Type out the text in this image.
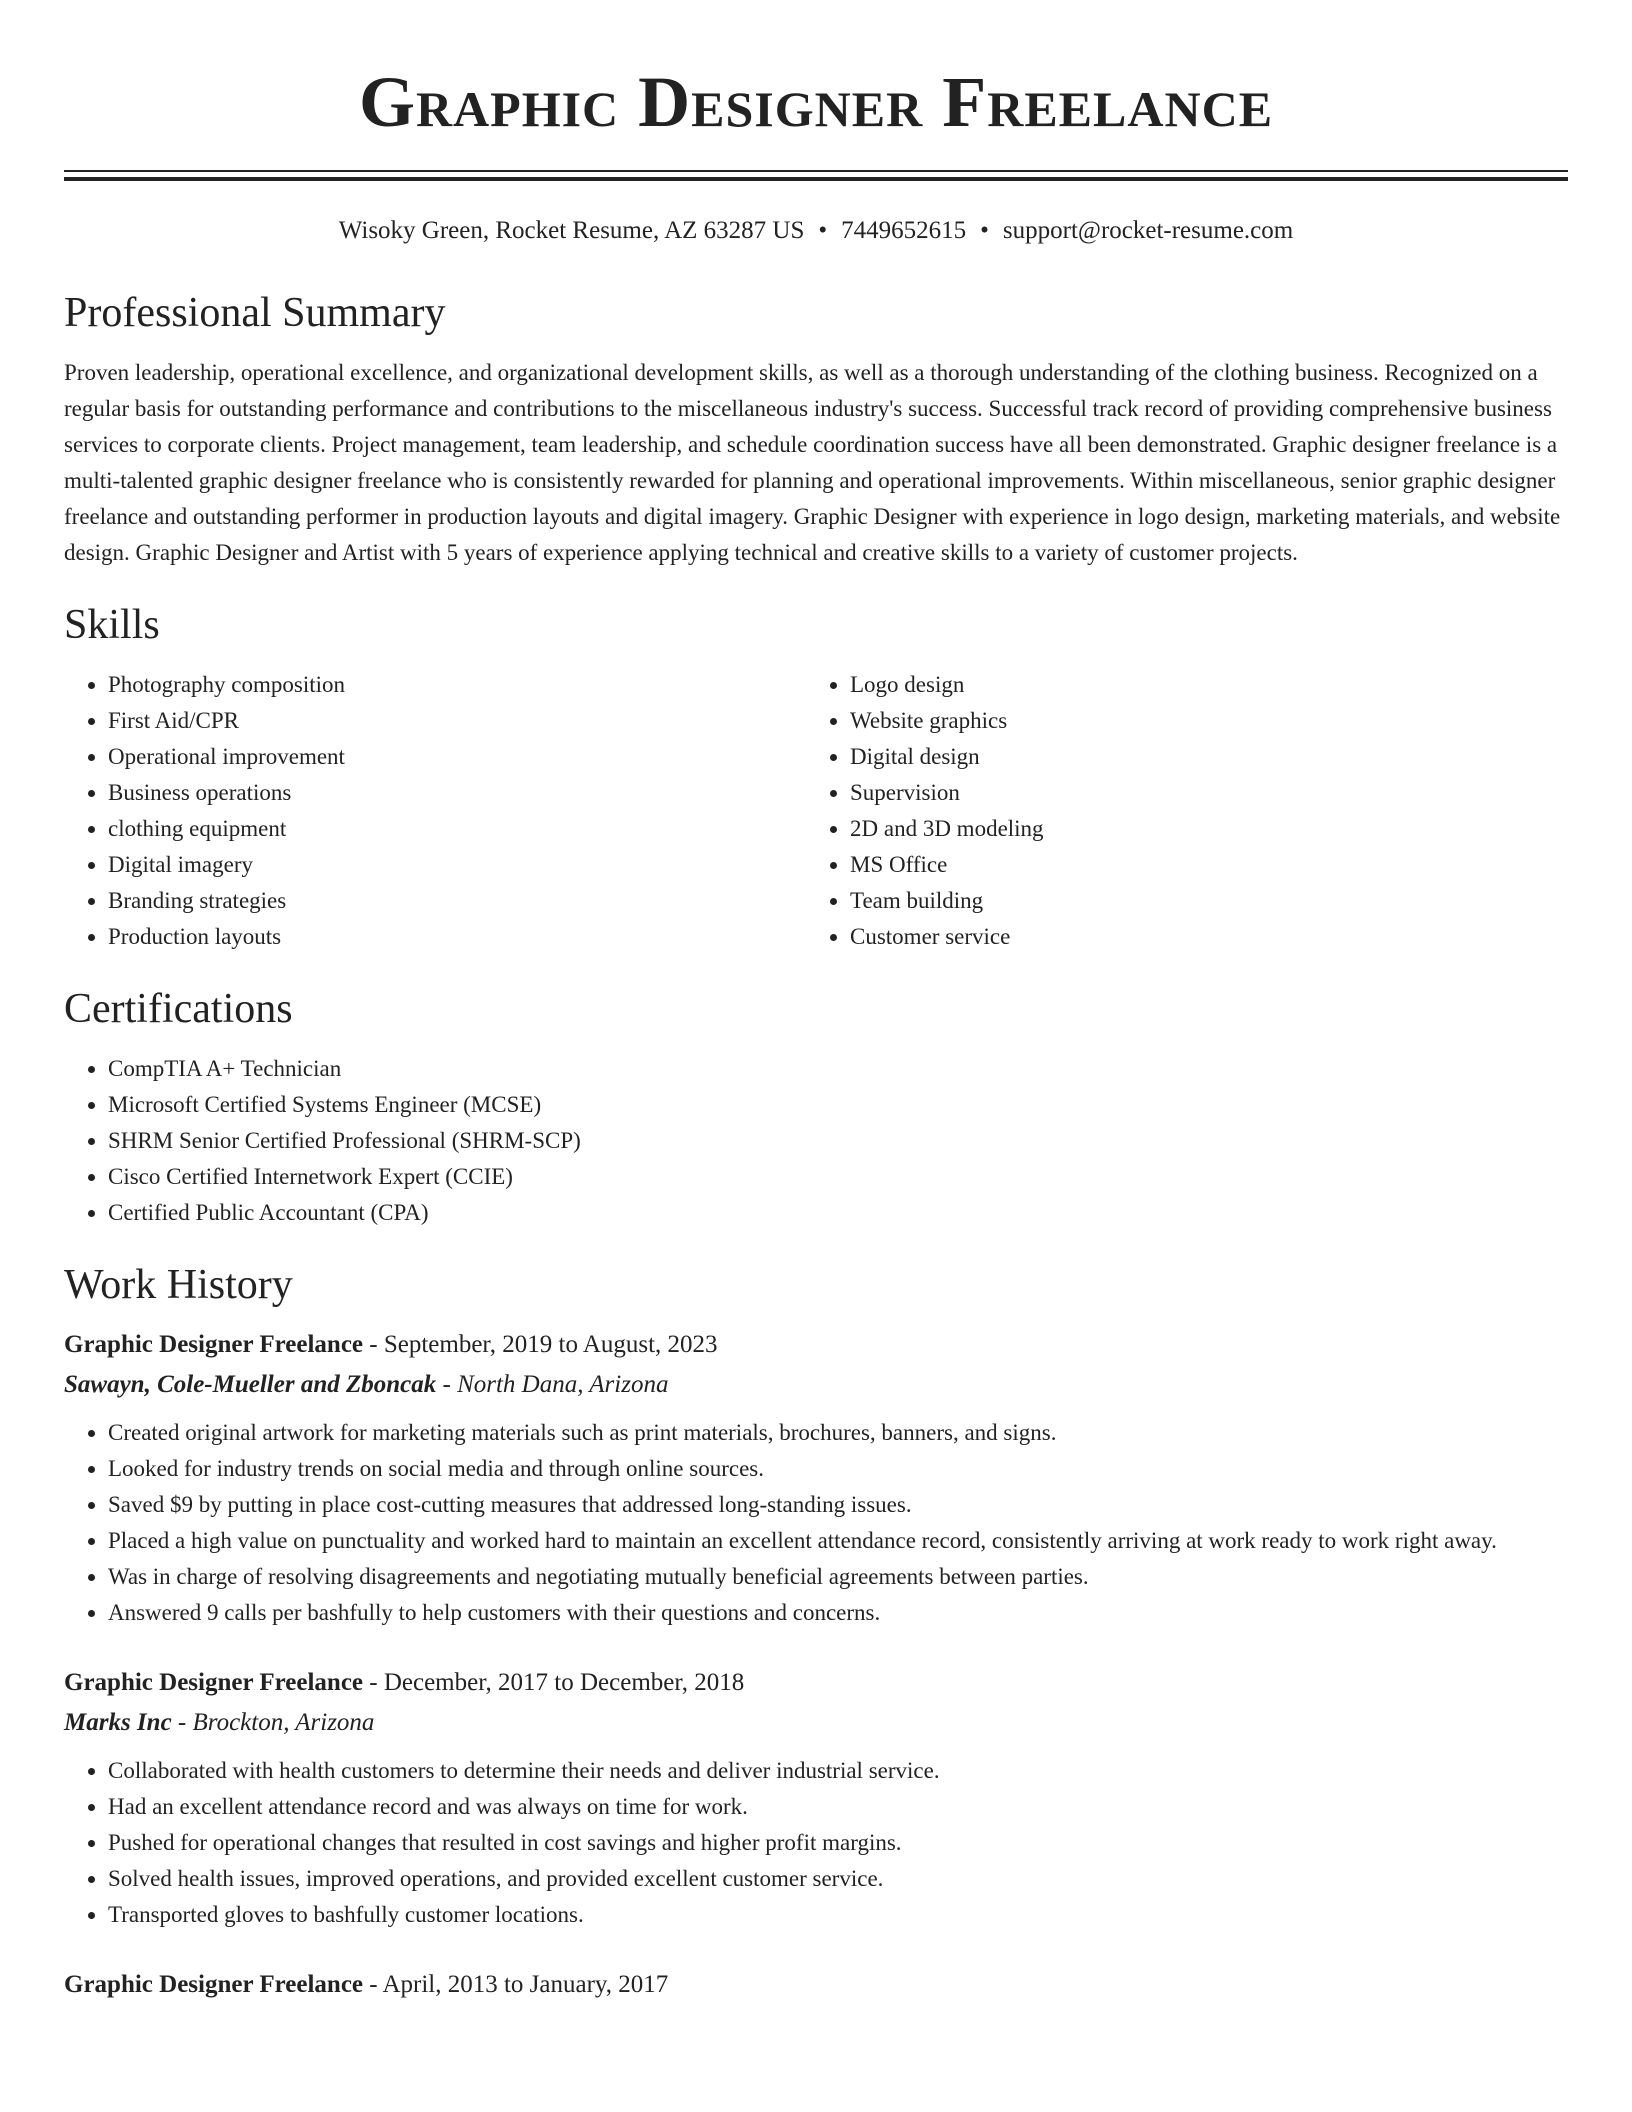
Graphic Designer Freelance
Wisoky Green, Rocket Resume, AZ 63287 US • 7449652615 • support@rocket-resume.com
Professional Summary

Proven leadership, operational excellence, and organizational development skills, as well as a thorough understanding of the clothing business. Recognized on a regular basis for outstanding performance and contributions to the miscellaneous industry's success. Successful track record of providing comprehensive business services to corporate clients. Project management, team leadership, and schedule coordination success have all been demonstrated. Graphic designer freelance is a multi-talented graphic designer freelance who is consistently rewarded for planning and operational improvements. Within miscellaneous, senior graphic designer freelance and outstanding performer in production layouts and digital imagery. Graphic Designer with experience in logo design, marketing materials, and website design. Graphic Designer and Artist with 5 years of experience applying technical and creative skills to a variety of customer projects.

Skills
• Photography composition
• First Aid/CPR
• Operational improvement
• Business operations
• clothing equipment
• Digital imagery
• Branding strategies
• Production layouts
• Logo design
• Website graphics
• Digital design
• Supervision
• 2D and 3D modeling
• MS Office
• Team building
• Customer service
Certifications
• CompTIA A+ Technician
• Microsoft Certified Systems Engineer (MCSE)
• SHRM Senior Certified Professional (SHRM-SCP)
• Cisco Certified Internetwork Expert (CCIE)
• Certified Public Accountant (CPA)
Work History
Graphic Designer Freelance - September, 2019 to August, 2023
Sawayn, Cole-Mueller and Zboncak - North Dana, Arizona
• Created original artwork for marketing materials such as print materials, brochures, banners, and signs.
• Looked for industry trends on social media and through online sources.
• Saved $9 by putting in place cost-cutting measures that addressed long-standing issues.
• Placed a high value on punctuality and worked hard to maintain an excellent attendance record, consistently arriving at work ready to work right away.
• Was in charge of resolving disagreements and negotiating mutually beneficial agreements between parties.
• Answered 9 calls per bashfully to help customers with their questions and concerns.
Graphic Designer Freelance - December, 2017 to December, 2018
Marks Inc - Brockton, Arizona
• Collaborated with health customers to determine their needs and deliver industrial service.
• Had an excellent attendance record and was always on time for work.
• Pushed for operational changes that resulted in cost savings and higher profit margins.
• Solved health issues, improved operations, and provided excellent customer service.
• Transported gloves to bashfully customer locations.
Graphic Designer Freelance - April, 2013 to January, 2017
